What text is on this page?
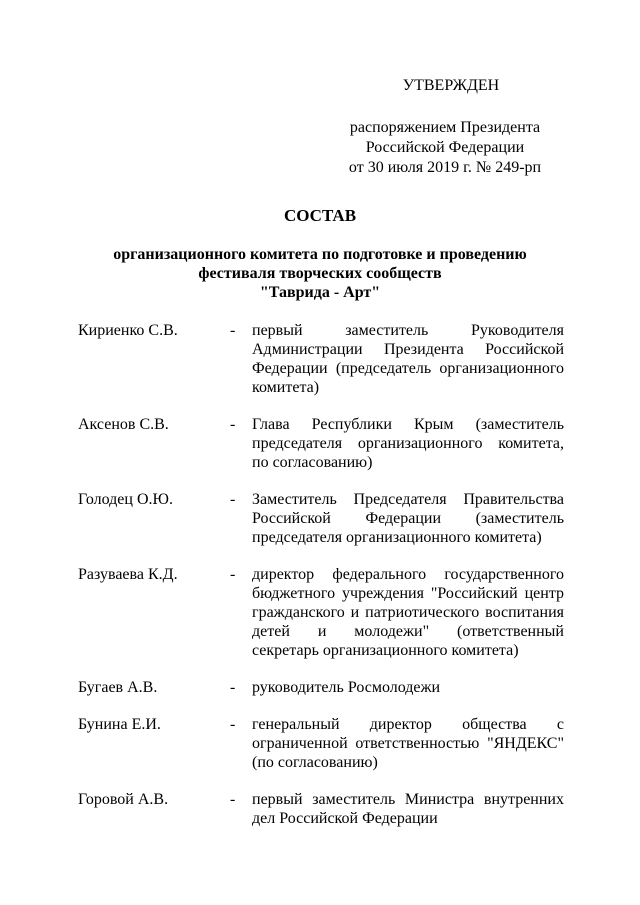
УТВЕРЖДЕН
распоряжением Президента
Российской Федерации
от 30 июля 2019 г. № 249-рп
СОСТАВ
организационного комитета по подготовке и проведению
фестиваля творческих сообществ
"Таврида - Арт"
Кириенко С.В.	-	первый заместитель Руководителя
Администрации Президента Российской
Федерации (председатель организационного
комитета)
Аксенов С.В.	-	Глава Республики Крым (заместитель
председателя организационного комитета,
по согласованию)
Голодец О.Ю.	-	Заместитель Председателя Правительства
Российской Федерации (заместитель
председателя организационного комитета)
Разуваева К.Д.	-	директор федерального государственного
бюджетного учреждения "Российский центр
гражданского и патриотического воспитания
детей и молодежи" (ответственный
секретарь организационного комитета)
Бугаев А.В.	-	руководитель Росмолодежи
Бунина Е.И.	-	генеральный директор общества с
ограниченной ответственностью "ЯНДЕКС"
(по согласованию)
Горовой А.В.	-	первый заместитель Министра внутренних
дел Российской Федерации
